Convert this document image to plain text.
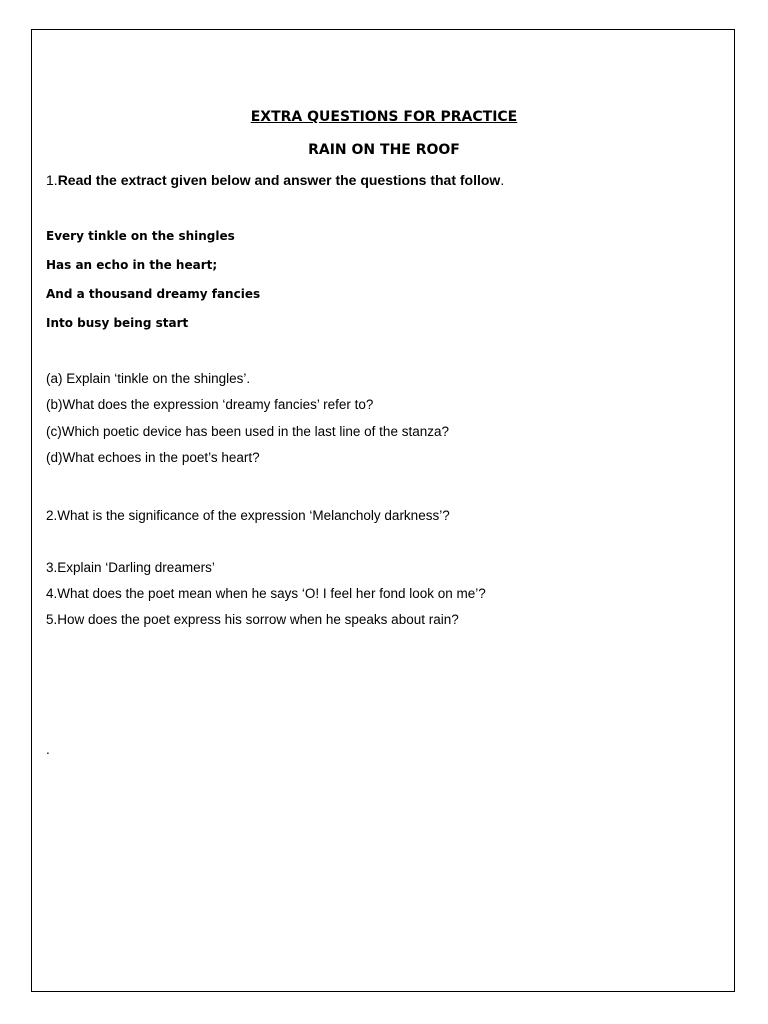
EXTRA QUESTIONS FOR PRACTICE
RAIN ON THE ROOF
1.Read the extract given below and answer the questions that follow.
Every tinkle on the shingles
Has an echo in the heart;
And a thousand dreamy fancies
Into busy being start
(a) Explain ‘tinkle on the shingles’.
(b)What does the expression ‘dreamy fancies’ refer to?
(c)Which poetic device has been used in the last line of the stanza?
(d)What echoes in the poet’s heart?
2.What is the significance of the expression ‘Melancholy darkness’?
3.Explain ‘Darling dreamers’
4.What does the poet mean when he says ‘O! I feel her fond look on me’?
5.How does the poet express his sorrow when he speaks about rain?
.
